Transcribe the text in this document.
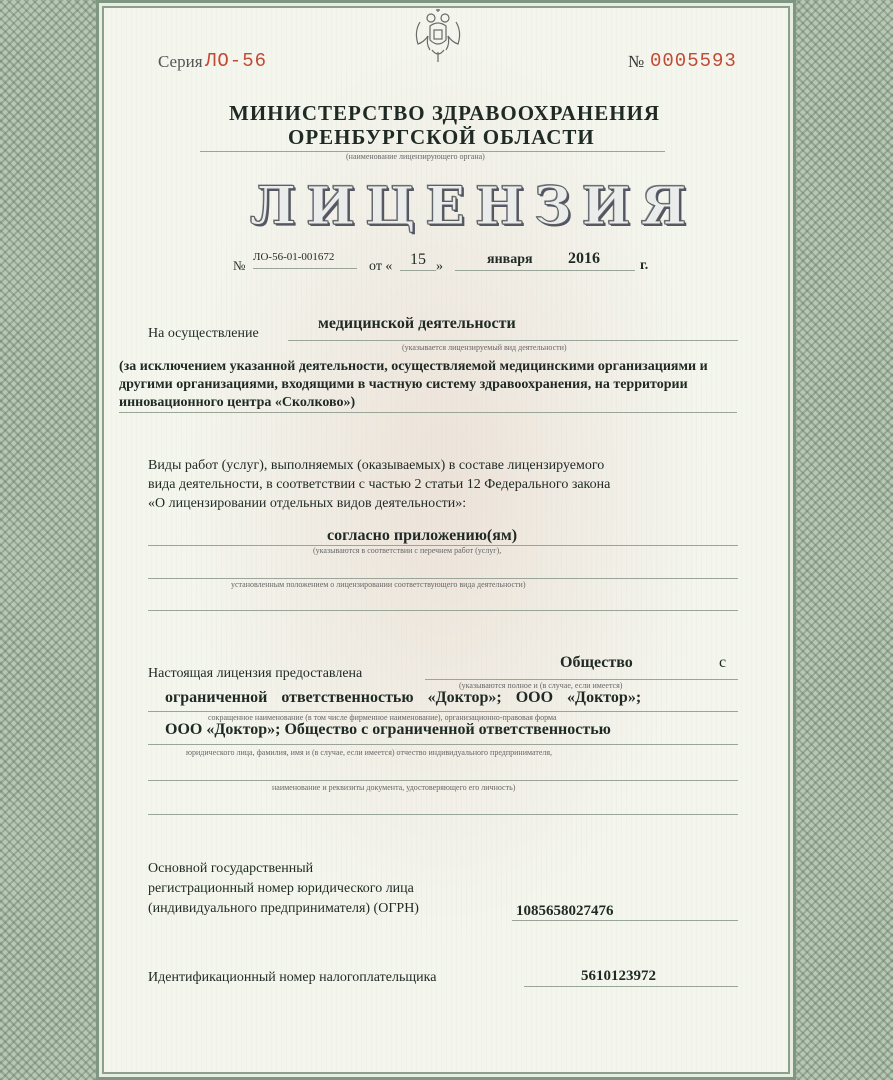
Серия ЛО-56	№ 0005593
МИНИСТЕРСТВО ЗДРАВООХРАНЕНИЯ
ОРЕНБУРГСКОЙ ОБЛАСТИ
(наименование лицензирующего органа)
ЛИЦЕНЗИЯ
№
ЛО-56-01-001672
от « 15 »	января 2016	г.
На осуществление
медицинской деятельности
(указывается лицензируемый вид деятельности)
(за исключением указанной деятельности, осуществляемой медицинскими организациями и
другими организациями, входящими в частную систему здравоохранения, на территории
инновационного центра «Сколково»)
Виды работ (услуг), выполняемых (оказываемых) в составе лицензируемого
вида деятельности, в соответствии с частью 2 статьи 12 Федерального закона
«О лицензировании отдельных видов деятельности»:
согласно приложению(ям)
(указываются в соответствии с перечнем работ (услуг),
установленным положением о лицензировании соответствующего вида деятельности)
Настоящая лицензия предоставлена
Общество	с
(указываются полное и (в случае, если имеется)
ограниченной ответственностью «Доктор»; ООО «Доктор»;
сокращенное наименование (в том числе фирменное наименование), организационно-правовая форма
ООО «Доктор»; Общество с ограниченной ответственностью
юридического лица, фамилия, имя и (в случае, если имеется) отчество индивидуального предпринимателя,
наименование и реквизиты документа, удостоверяющего его личность)
Основной государственный
регистрационный номер юридического лица
(индивидуального предпринимателя) (ОГРН)	1085658027476
Идентификационный номер налогоплательщика	5610123972
